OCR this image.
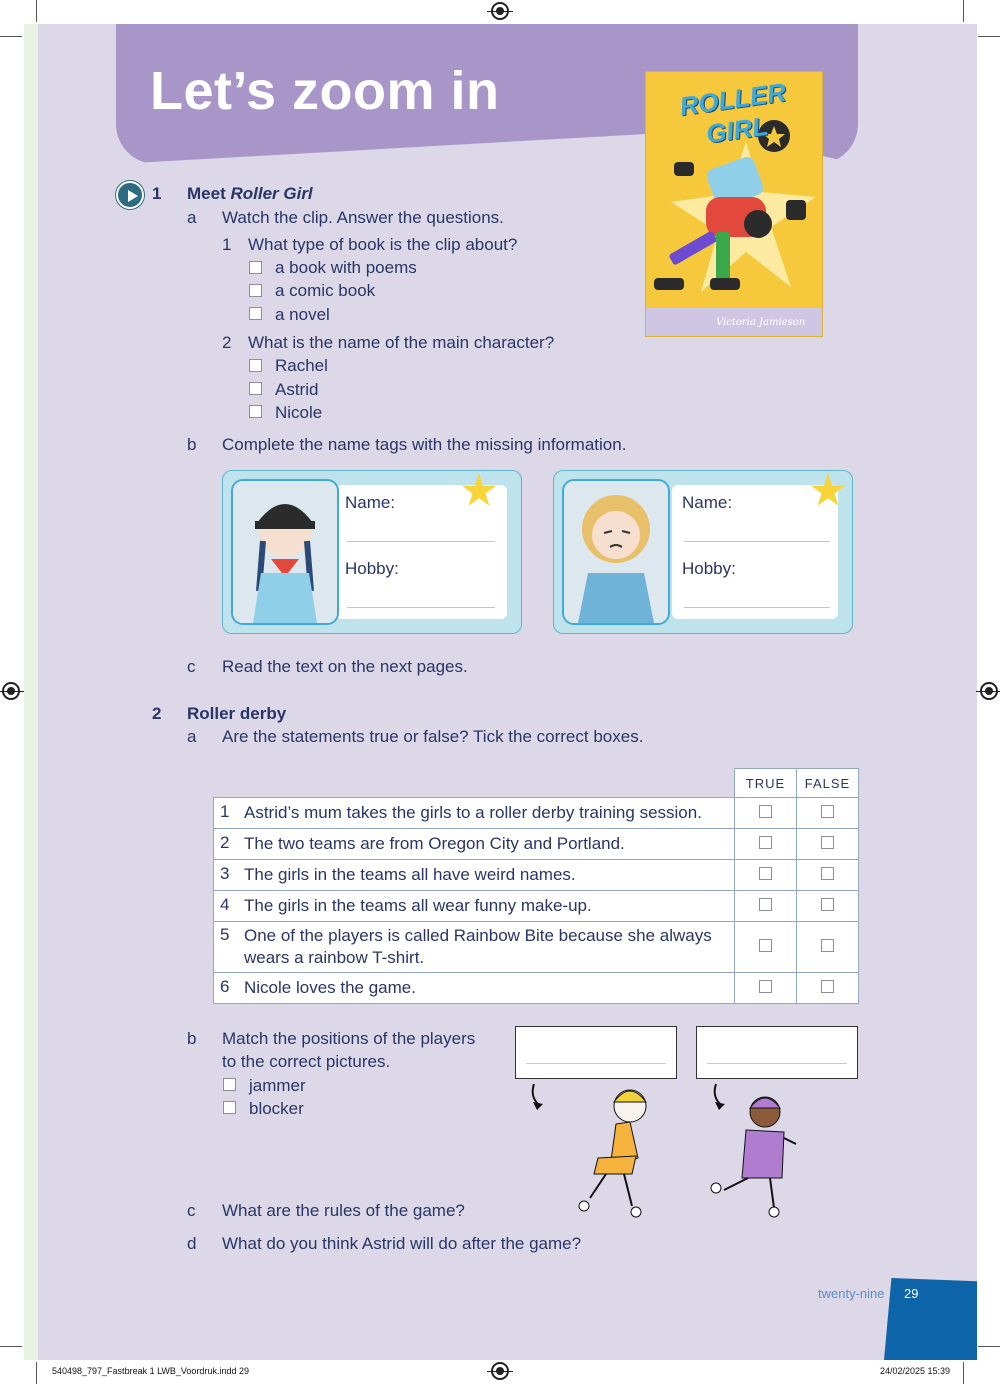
Let’s zoom in	ROLLER GIRL
Victoria Jamieson
1 Meet Roller Girl
a Watch the clip. Answer the questions.
1 What type of book is the clip about?
a book with poems
a comic book
a novel
2 What is the name of the main character?
Rachel
Astrid
Nicole
b Complete the name tags with the missing information.
Name:
Hobby:
Name:
Hobby:
c Read the text on the next pages.
2 Roller derby
a Are the statements true or false? Tick the correct boxes.
	TRUE	FALSE
1 Astrid’s mum takes the girls to a roller derby training session.		
2 The two teams are from Oregon City and Portland.		
3 The girls in the teams all have weird names.		
4 The girls in the teams all wear funny make-up.		
5 One of the players is called Rainbow Bite because she always wears a rainbow T-shirt.		
6 Nicole loves the game.		
b Match the positions of the players
to the correct pictures.
jammer
blocker
c What are the rules of the game?
d What do you think Astrid will do after the game?
twenty-nine 29
540498_797_Fastbreak 1 LWB_Voordruk.indd 29	24/02/2025 15:39
